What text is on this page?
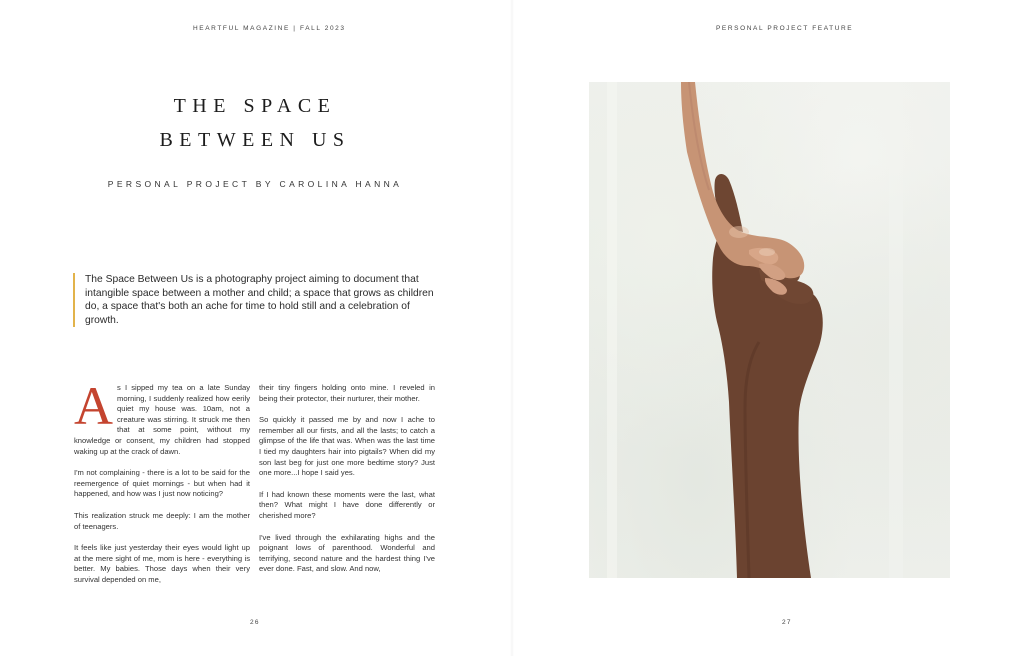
HEARTFUL MAGAZINE | FALL 2023	PERSONAL PROJECT FEATURE
THE SPACE
BETWEEN US
PERSONAL PROJECT BY CAROLINA HANNA

The Space Between Us is a photography project aiming to document that intangible space between a mother and child; a space that grows as children do, a space that's both an ache for time to hold still and a celebration of growth.

As I sipped my tea on a late Sunday morning, I suddenly realized how eerily quiet my house was. 10am, not a creature was stirring. It struck me then that at some point, without my knowledge or consent, my children had stopped waking up at the crack of dawn.

I'm not complaining - there is a lot to be said for the reemergence of quiet mornings - but when had it happened, and how was I just now noticing?

This realization struck me deeply: I am the mother of teenagers.

It feels like just yesterday their eyes would light up at the mere sight of me, mom is here - everything is better. My babies. Those days when their very survival depended on me,

their tiny fingers holding onto mine. I reveled in being their protector, their nurturer, their mother.

So quickly it passed me by and now I ache to remember all our firsts, and all the lasts; to catch a glimpse of the life that was. When was the last time I tied my daughters hair into pigtails? When did my son last beg for just one more bedtime story? Just one more...I hope I said yes.

If I had known these moments were the last, what then? What might I have done differently or cherished more?

I've lived through the exhilarating highs and the poignant lows of parenthood. Wonderful and terrifying, second nature and the hardest thing I've ever done. Fast, and slow. And now,

26	27
